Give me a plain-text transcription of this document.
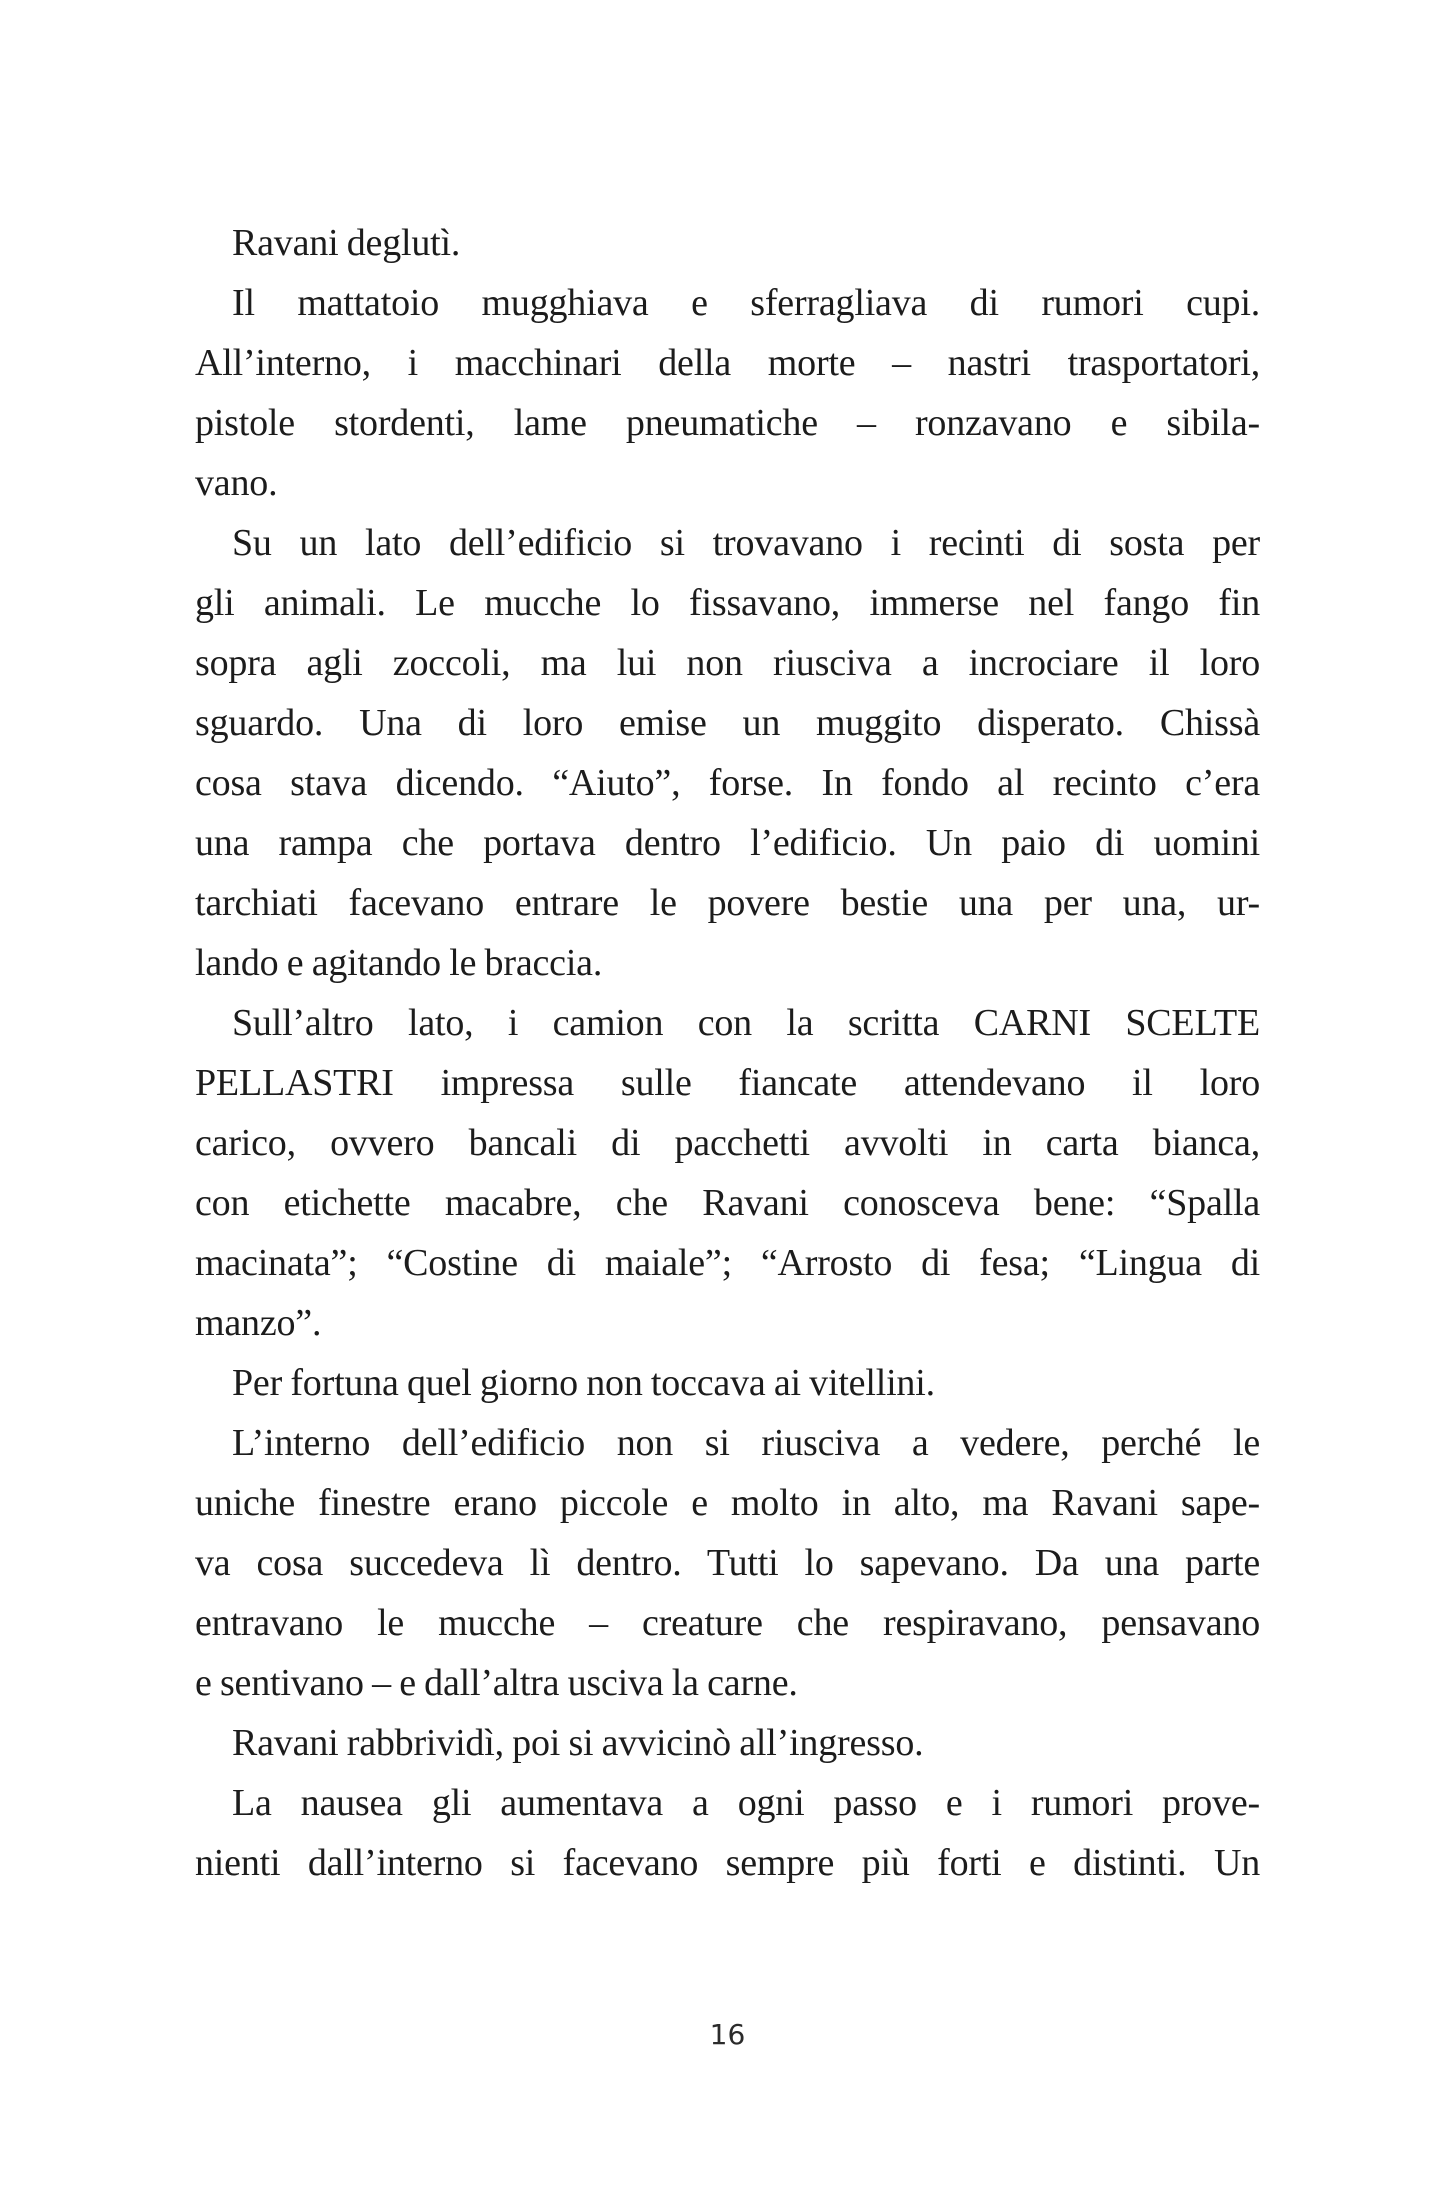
Ravani deglutì.
Il mattatoio mugghiava e sferragliava di rumori cupi.
All’interno, i macchinari della morte – nastri trasportatori,
pistole stordenti, lame pneumatiche – ronzavano e sibila-
vano.
Su un lato dell’edificio si trovavano i recinti di sosta per
gli animali. Le mucche lo fissavano, immerse nel fango fin
sopra agli zoccoli, ma lui non riusciva a incrociare il loro
sguardo. Una di loro emise un muggito disperato. Chissà
cosa stava dicendo. “Aiuto”, forse. In fondo al recinto c’era
una rampa che portava dentro l’edificio. Un paio di uomini
tarchiati facevano entrare le povere bestie una per una, ur-
lando e agitando le braccia.
Sull’altro lato, i camion con la scritta CARNI SCELTE
PELLASTRI impressa sulle fiancate attendevano il loro
carico, ovvero bancali di pacchetti avvolti in carta bianca,
con etichette macabre, che Ravani conosceva bene: “Spalla
macinata”; “Costine di maiale”; “Arrosto di fesa; “Lingua di
manzo”.
Per fortuna quel giorno non toccava ai vitellini.
L’interno dell’edificio non si riusciva a vedere, perché le
uniche finestre erano piccole e molto in alto, ma Ravani sape-
va cosa succedeva lì dentro. Tutti lo sapevano. Da una parte
entravano le mucche – creature che respiravano, pensavano
e sentivano – e dall’altra usciva la carne.
Ravani rabbrividì, poi si avvicinò all’ingresso.
La nausea gli aumentava a ogni passo e i rumori prove-
nienti dall’interno si facevano sempre più forti e distinti. Un
16
